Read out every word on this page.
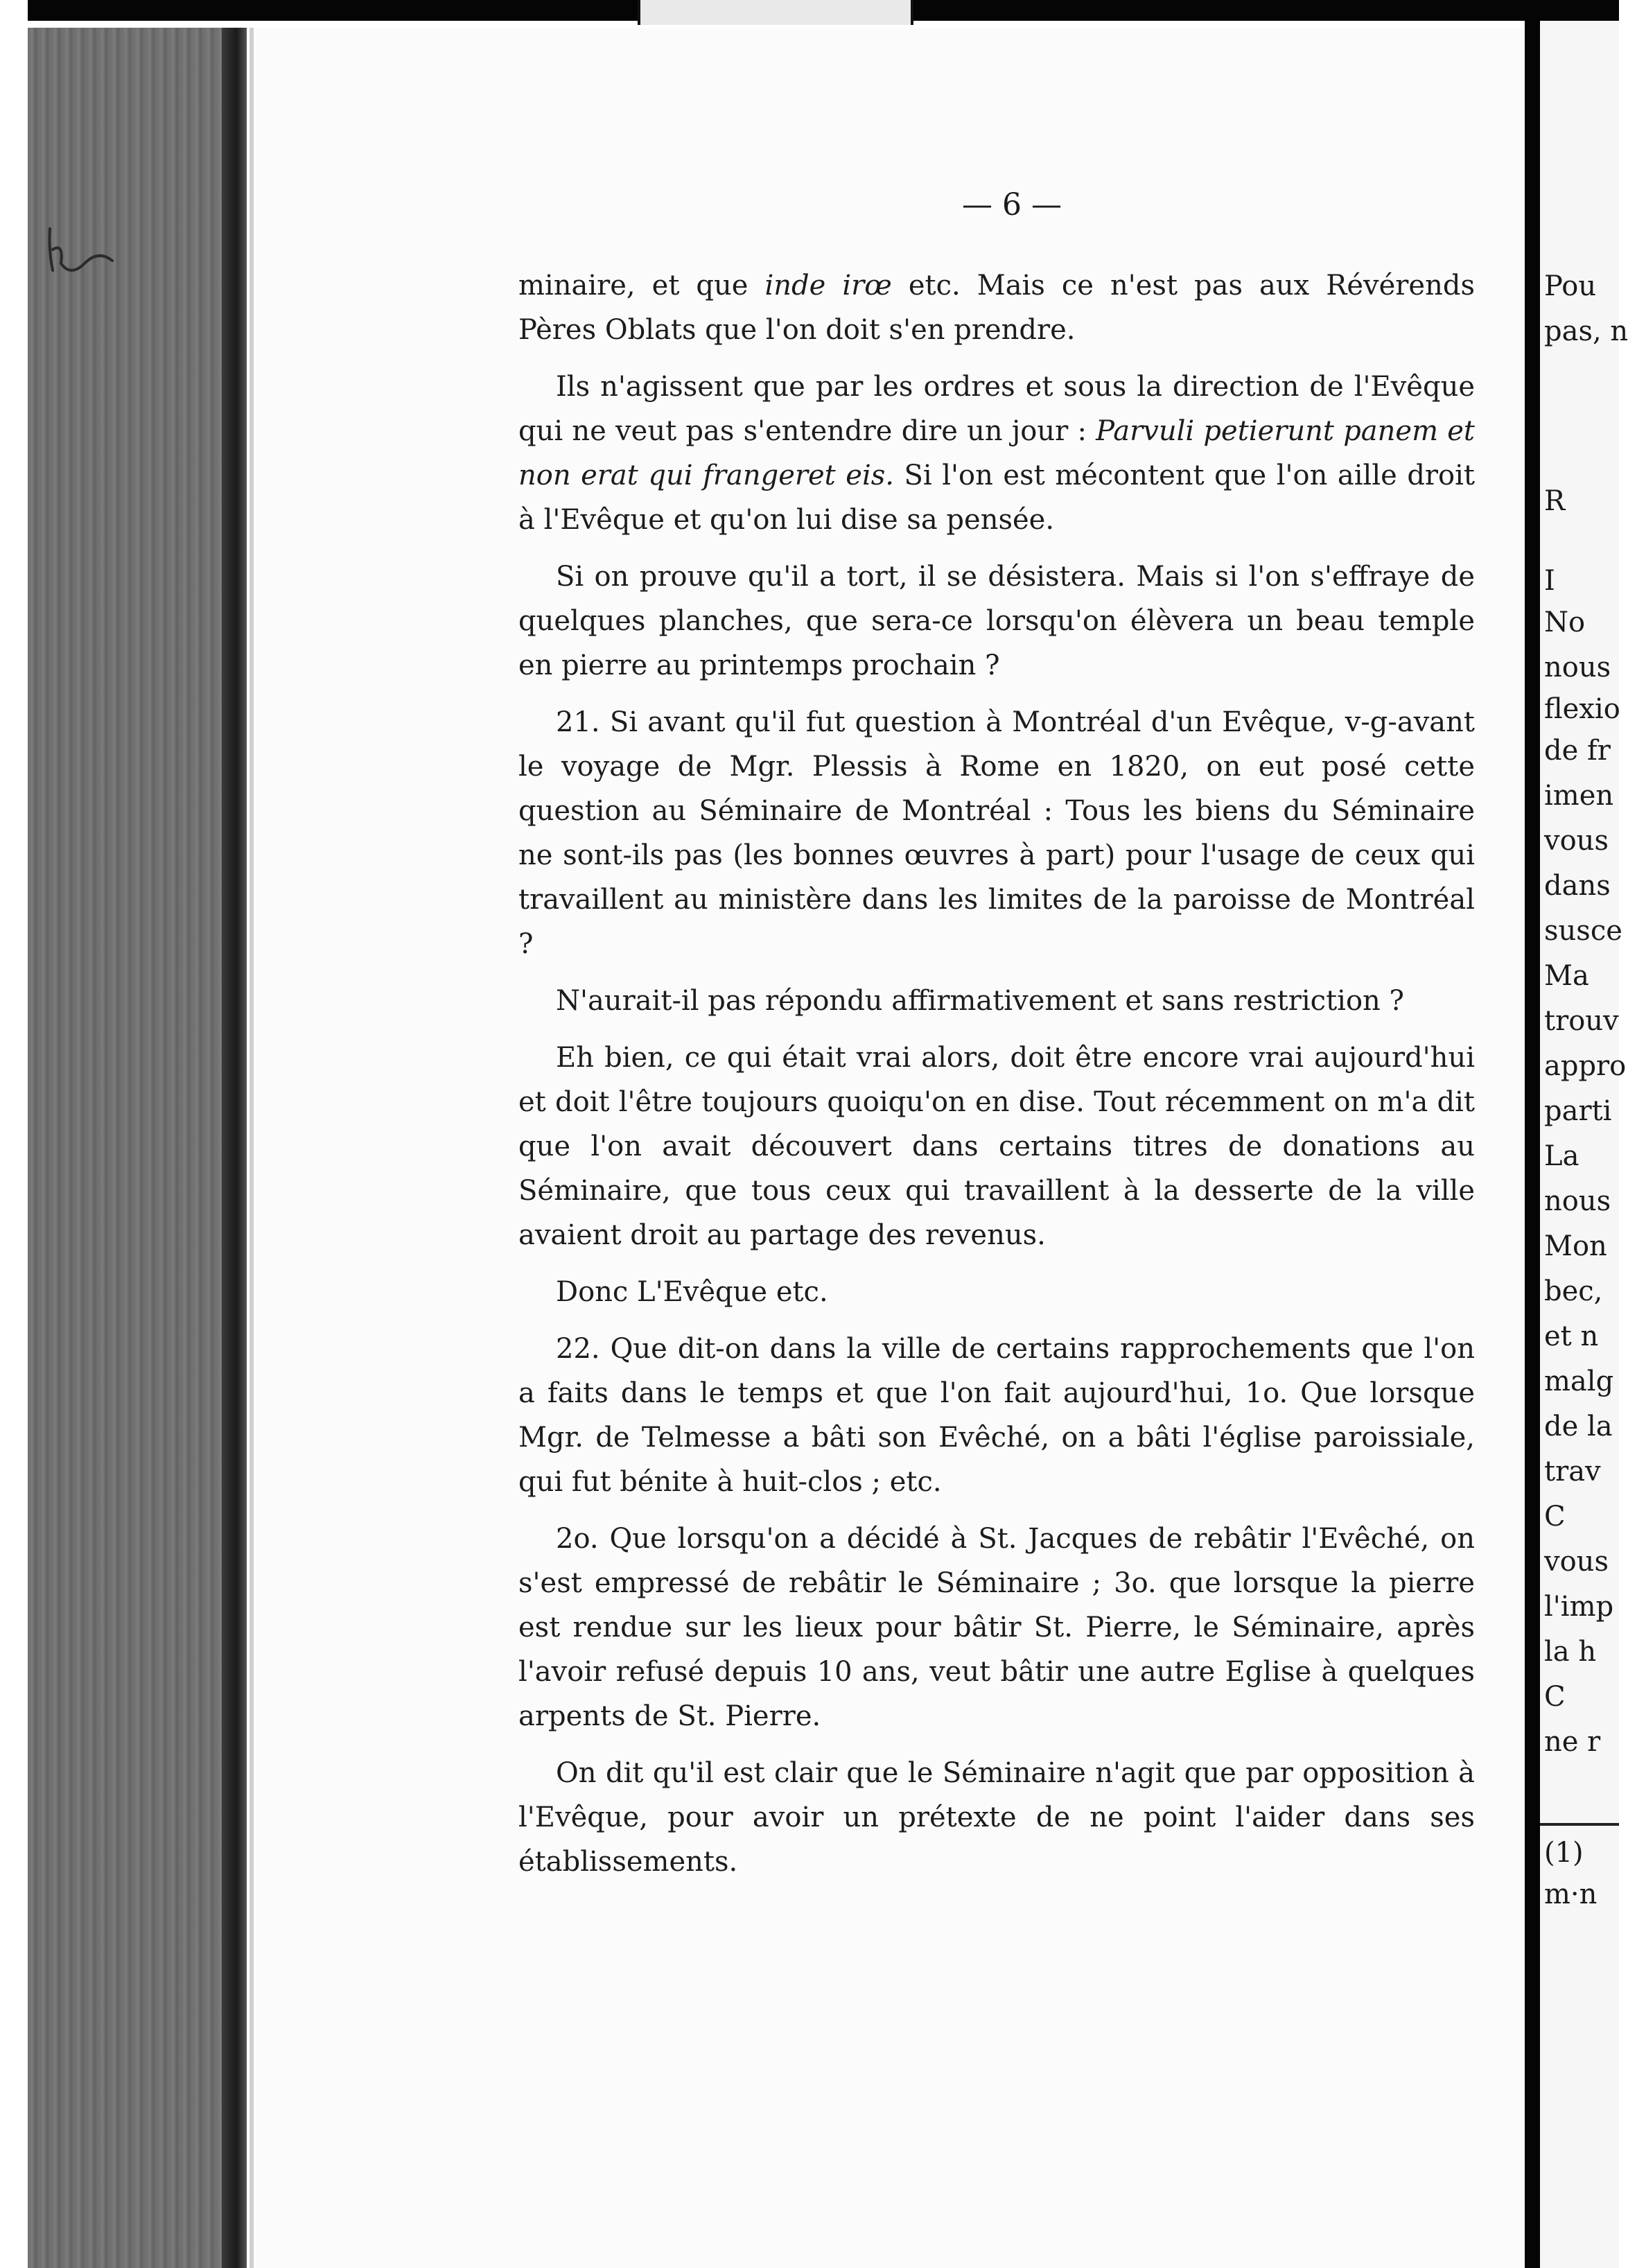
— 6 —

minaire, et que inde irœ etc. Mais ce n'est pas aux Révérends Pères Oblats que l'on doit s'en prendre.

Ils n'agissent que par les ordres et sous la direction de l'Evêque qui ne veut pas s'entendre dire un jour : Parvuli petierunt panem et non erat qui frangeret eis. Si l'on est mécontent que l'on aille droit à l'Evêque et qu'on lui dise sa pensée.

Si on prouve qu'il a tort, il se désistera. Mais si l'on s'effraye de quelques planches, que sera-ce lorsqu'on élèvera un beau temple en pierre au printemps prochain ?

21. Si avant qu'il fut question à Montréal d'un Evêque, v-g-avant le voyage de Mgr. Plessis à Rome en 1820, on eut posé cette question au Séminaire de Montréal : Tous les biens du Séminaire ne sont-ils pas (les bonnes œuvres à part) pour l'usage de ceux qui travaillent au ministère dans les limites de la paroisse de Montréal ?

N'aurait-il pas répondu affirmativement et sans restriction ?

Eh bien, ce qui était vrai alors, doit être encore vrai aujourd'hui et doit l'être toujours quoiqu'on en dise. Tout récemment on m'a dit que l'on avait découvert dans certains titres de donations au Séminaire, que tous ceux qui travaillent à la desserte de la ville avaient droit au partage des revenus.

Donc L'Evêque etc.

22. Que dit-on dans la ville de certains rapprochements que l'on a faits dans le temps et que l'on fait aujourd'hui, 1o. Que lorsque Mgr. de Telmesse a bâti son Evêché, on a bâti l'église paroissiale, qui fut bénite à huit-clos ; etc.

2o. Que lorsqu'on a décidé à St. Jacques de rebâtir l'Evêché, on s'est empressé de rebâtir le Séminaire ; 3o. que lorsque la pierre est rendue sur les lieux pour bâtir St. Pierre, le Séminaire, après l'avoir refusé depuis 10 ans, veut bâtir une autre Eglise à quelques arpents de St. Pierre.

On dit qu'il est clair que le Séminaire n'agit que par opposition à l'Evêque, pour avoir un prétexte de ne point l'aider dans ses établissements.

Pou
pas, n
R
I
No
nous
flexio
de fr
imen
vous
dans
susce
Ma
trouv
appro
parti
La
nous
Mon
bec,
et n
malg
de la
trav
C
vous
l'imp
la h
C
ne r
(1)
m·n
